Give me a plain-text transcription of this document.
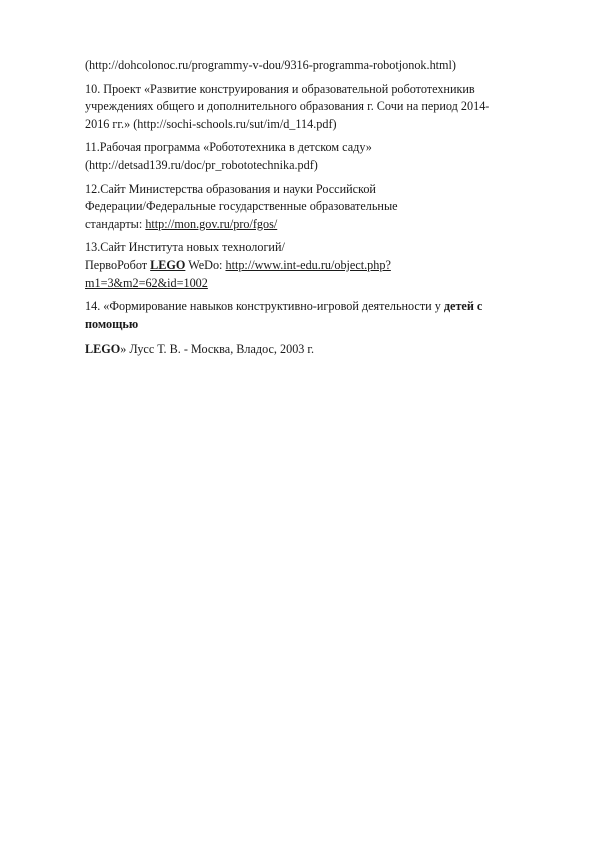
(http://dohcolonoc.ru/programmy-v-dou/9316-programma-robotjonok.html)

10. Проект «Развитие конструирования и образовательной робототехникив
учреждениях общего и дополнительного образования г. Сочи на период 2014-
2016 гг.» (http://sochi-schools.ru/sut/im/d_114.pdf)

11.Рабочая программа «Робототехника в детском саду»
(http://detsad139.ru/doc/pr_robototechnika.pdf)

12.Сайт Министерства образования и науки Российской
Федерации/Федеральные государственные образовательные
стандарты: http://mon.gov.ru/pro/fgos/

13.Сайт Института новых технологий/
ПервоРобот LEGO WeDo: http://www.int-edu.ru/object.php?
m1=3&m2=62&id=1002

14. «Формирование навыков конструктивно-игровой деятельности у детей с
помощью

LEGO» Лусс Т. В. - Москва, Владос, 2003 г.
